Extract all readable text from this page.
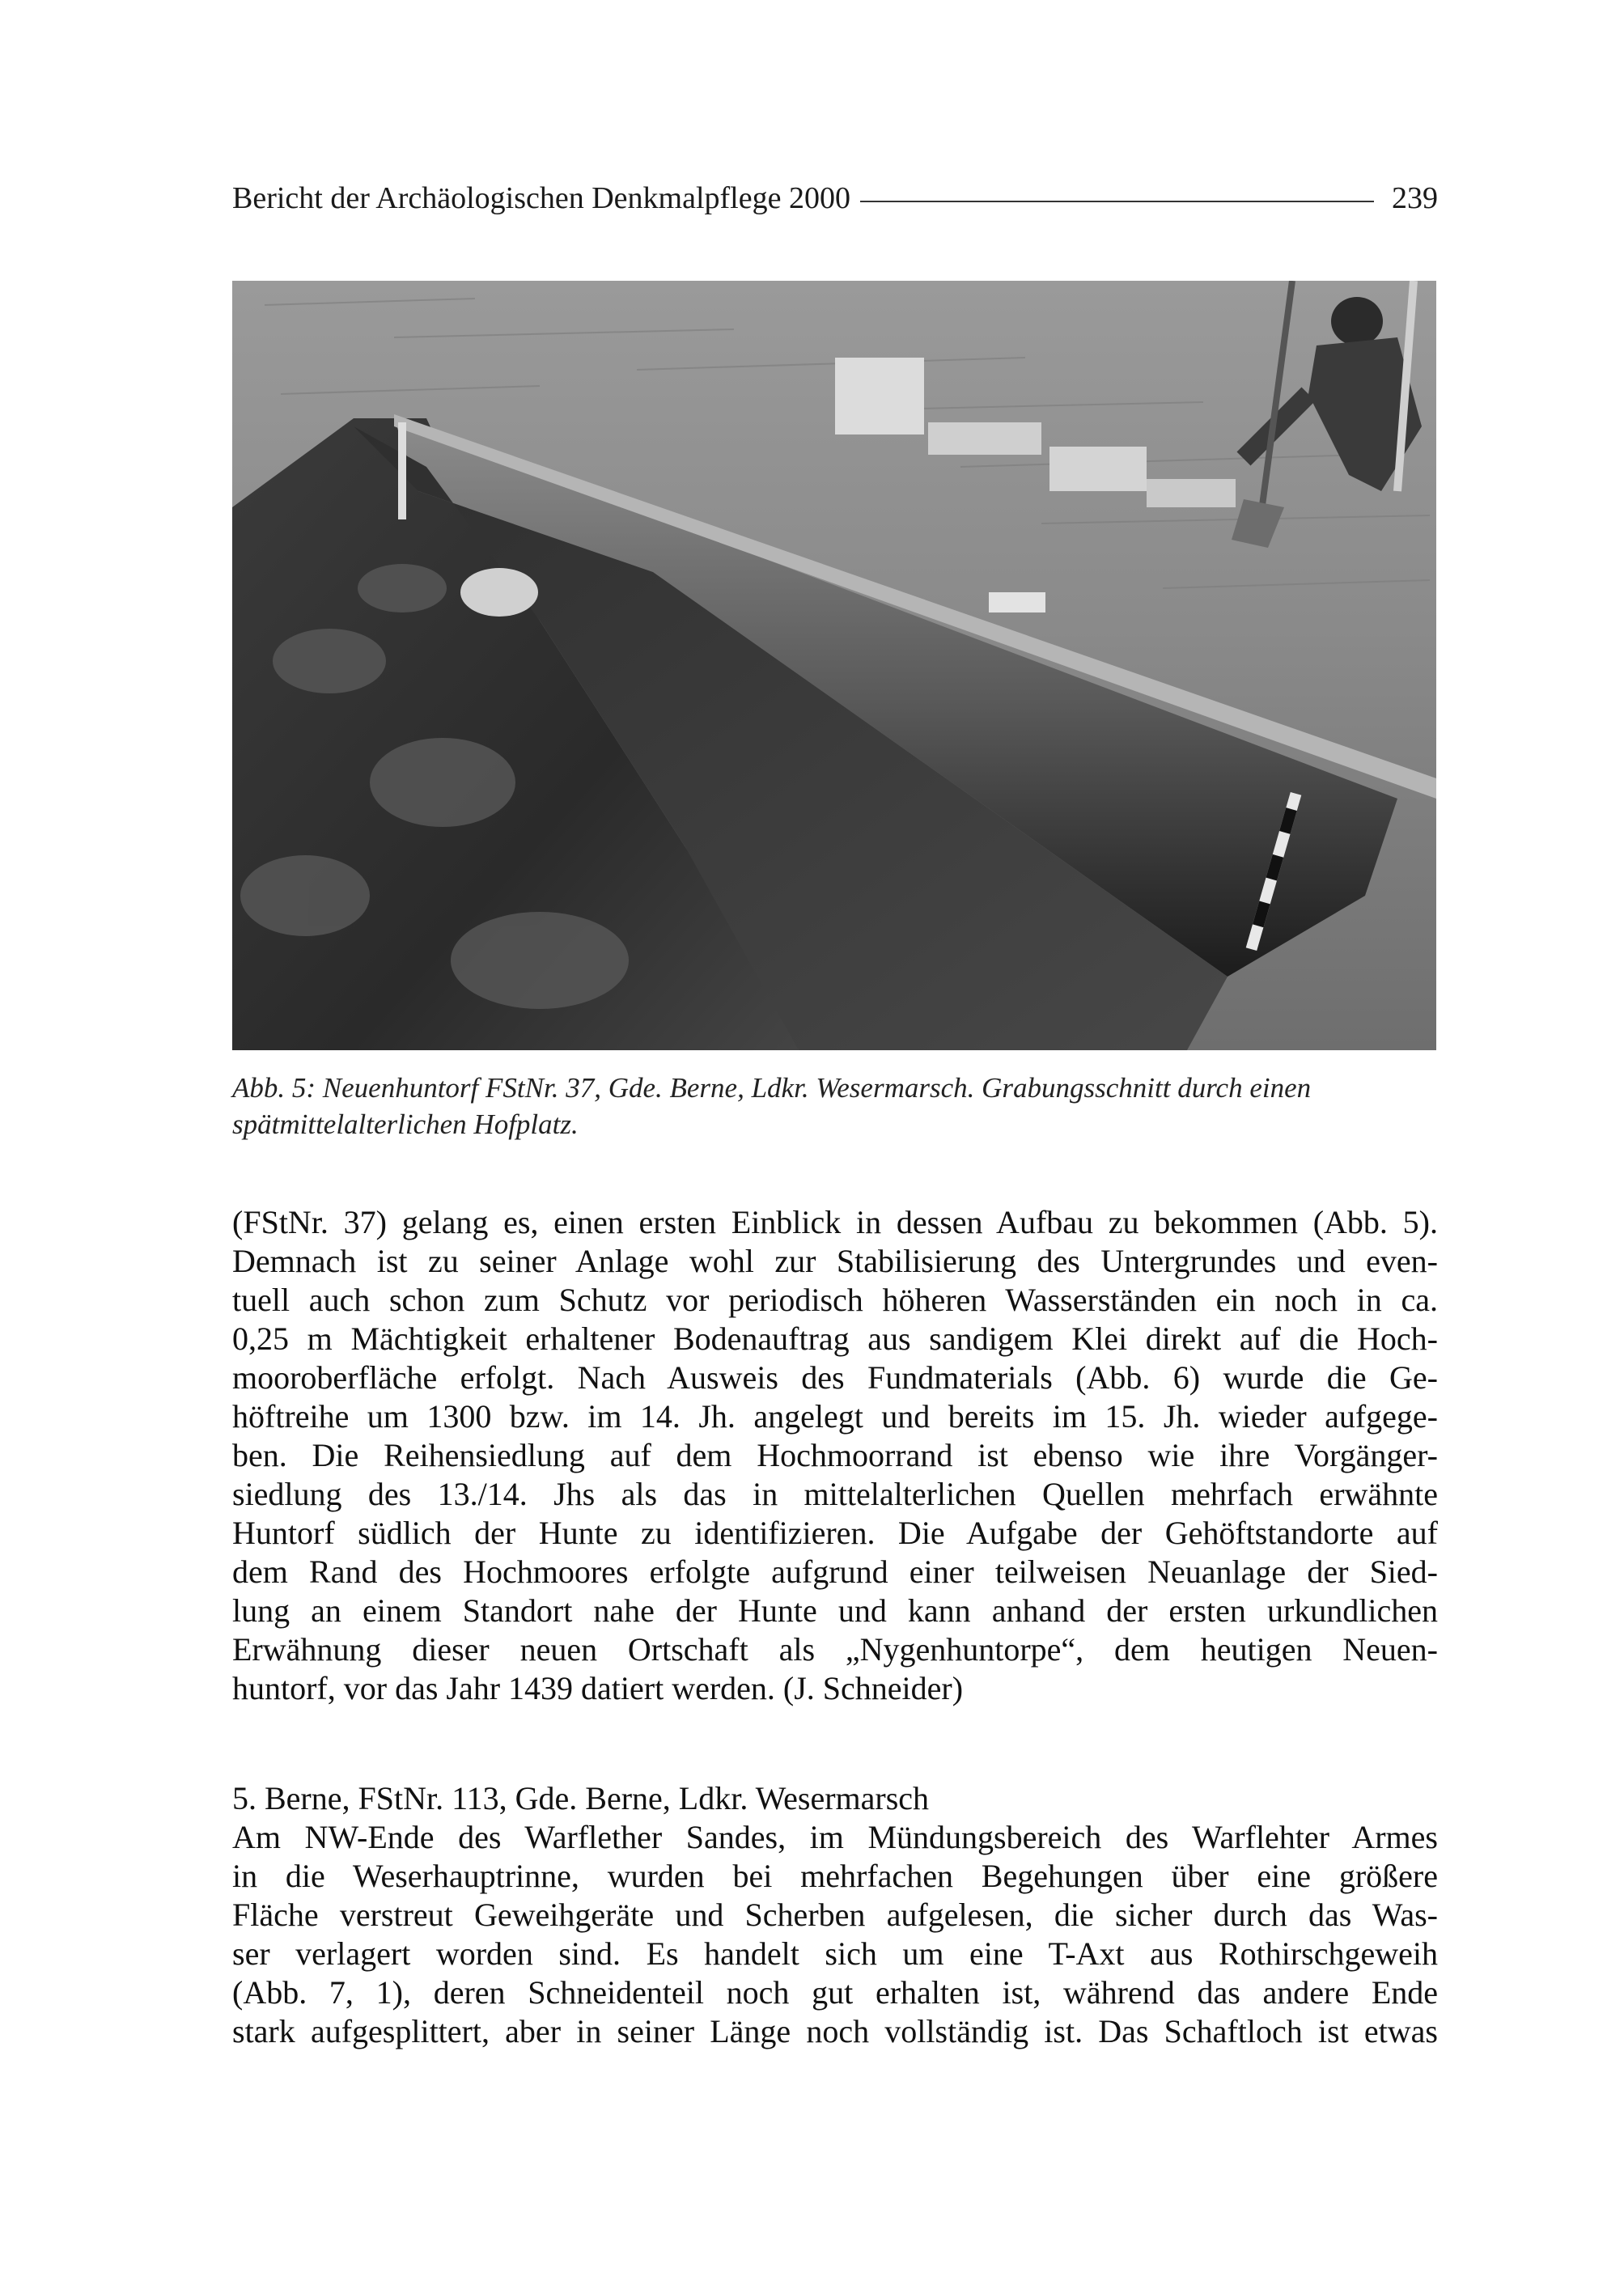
Bericht der Archäologischen Denkmalpflege 2000	239

Abb. 5: Neuenhuntorf FStNr. 37, Gde. Berne, Ldkr. Wesermarsch. Grabungsschnitt durch einen

spätmittelalterlichen Hofplatz.

(FStNr. 37) gelang es, einen ersten Einblick in dessen Aufbau zu bekommen (Abb. 5).
Demnach ist zu seiner Anlage wohl zur Stabilisierung des Untergrundes und even-
tuell auch schon zum Schutz vor periodisch höheren Wasserständen ein noch in ca.
0,25 m Mächtigkeit erhaltener Bodenauftrag aus sandigem Klei direkt auf die Hoch-
mooroberfläche erfolgt. Nach Ausweis des Fundmaterials (Abb. 6) wurde die Ge-
höftreihe um 1300 bzw. im 14. Jh. angelegt und bereits im 15. Jh. wieder aufgege-
ben. Die Reihensiedlung auf dem Hochmoorrand ist ebenso wie ihre Vorgänger-
siedlung des 13./14. Jhs als das in mittelalterlichen Quellen mehrfach erwähnte
Huntorf südlich der Hunte zu identifizieren. Die Aufgabe der Gehöftstandorte auf
dem Rand des Hochmoores erfolgte aufgrund einer teilweisen Neuanlage der Sied-
lung an einem Standort nahe der Hunte und kann anhand der ersten urkundlichen
Erwähnung dieser neuen Ortschaft als „Nygenhuntorpe“, dem heutigen Neuen-
huntorf, vor das Jahr 1439 datiert werden. (J. Schneider)
5. Berne, FStNr. 113, Gde. Berne, Ldkr. Wesermarsch
Am NW-Ende des Warflether Sandes, im Mündungsbereich des Warflehter Armes
in die Weserhauptrinne, wurden bei mehrfachen Begehungen über eine größere
Fläche verstreut Geweihgeräte und Scherben aufgelesen, die sicher durch das Was-
ser verlagert worden sind. Es handelt sich um eine T-Axt aus Rothirschgeweih
(Abb. 7, 1), deren Schneidenteil noch gut erhalten ist, während das andere Ende
stark aufgesplittert, aber in seiner Länge noch vollständig ist. Das Schaftloch ist etwas
